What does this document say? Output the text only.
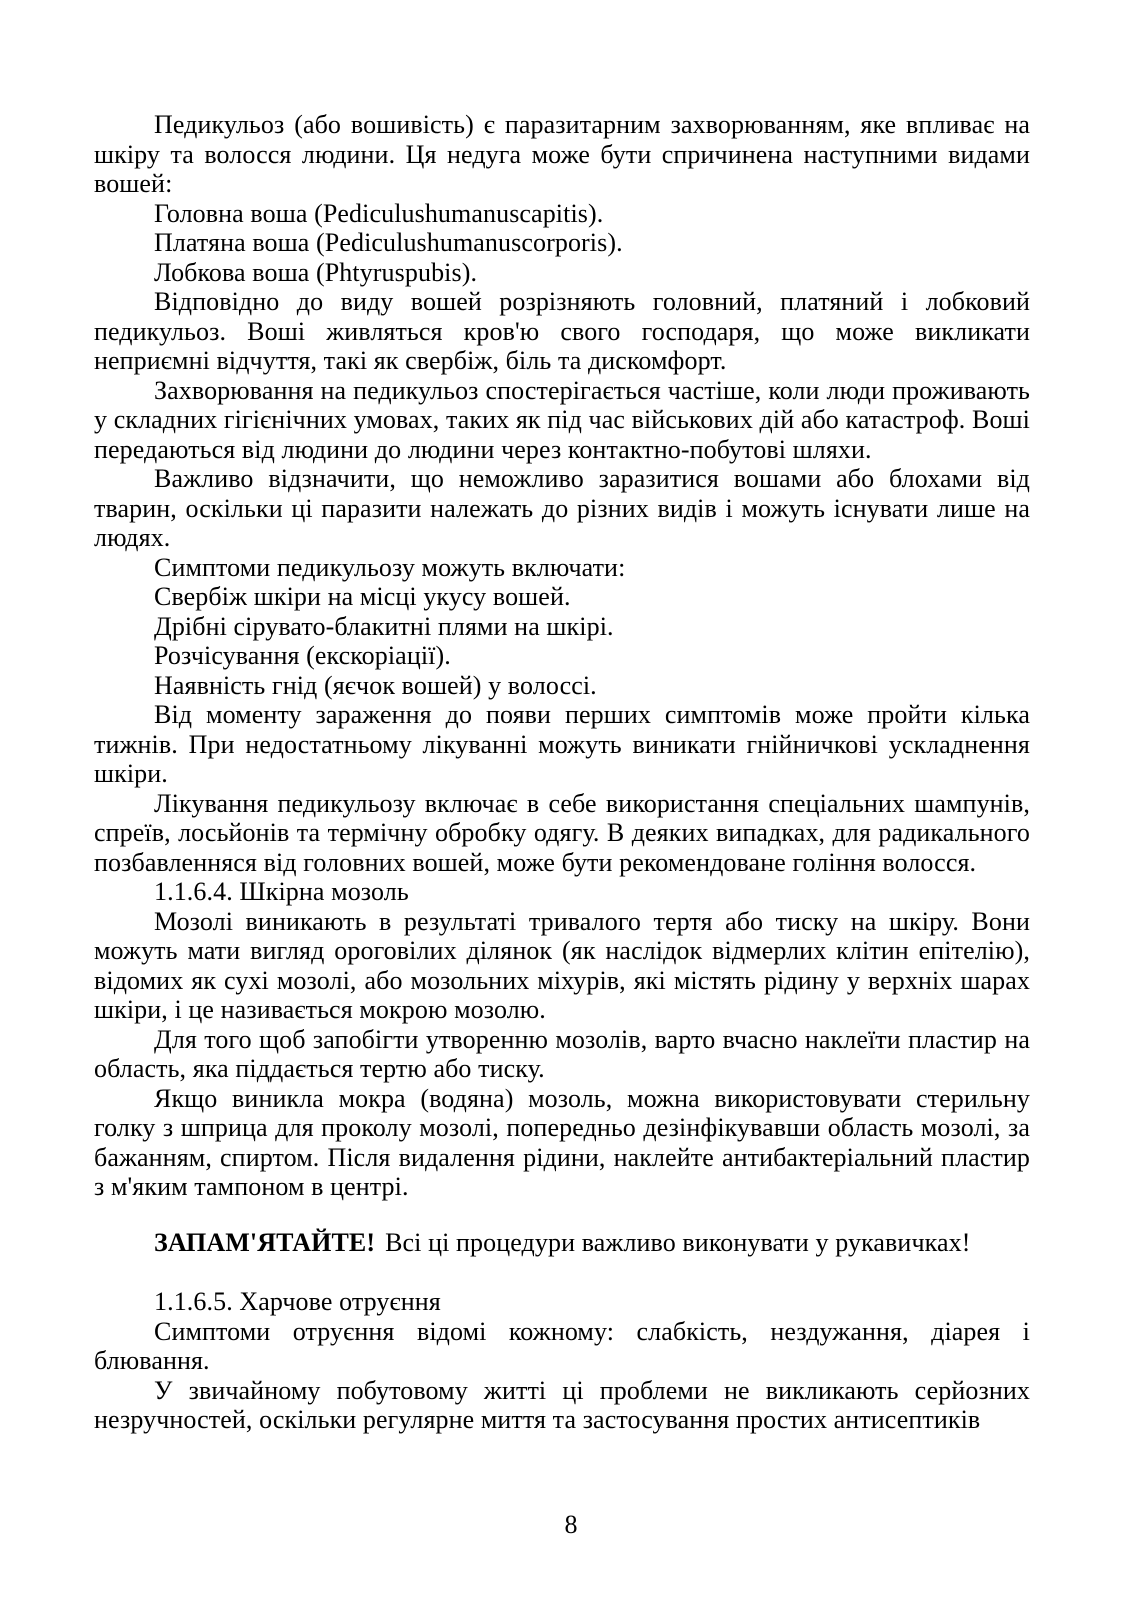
Педикульоз (або вошивість) є паразитарним захворюванням, яке впливає на шкіру та волосся людини. Ця недуга може бути спричинена наступними видами вошей:

Головна воша (Pediculushumanuscapitis).

Платяна воша (Pediculushumanuscorporis).

Лобкова воша (Phtyruspubis).

Відповідно до виду вошей розрізняють головний, платяний і лобковий педикульоз. Воші живляться кров'ю свого господаря, що може викликати неприємні відчуття, такі як свербіж, біль та дискомфорт.

Захворювання на педикульоз спостерігається частіше, коли люди проживають у складних гігієнічних умовах, таких як під час військових дій або катастроф. Воші передаються від людини до людини через контактно-побутові шляхи.

Важливо відзначити, що неможливо заразитися вошами або блохами від тварин, оскільки ці паразити належать до різних видів і можуть існувати лише на людях.

Симптоми педикульозу можуть включати:

Свербіж шкіри на місці укусу вошей.

Дрібні сірувато-блакитні плями на шкірі.

Розчісування (екскоріації).

Наявність гнід (яєчок вошей) у волоссі.

Від моменту зараження до появи перших симптомів може пройти кілька тижнів. При недостатньому лікуванні можуть виникати гнійничкові ускладнення шкіри.

Лікування педикульозу включає в себе використання спеціальних шампунів, спреїв, лосьйонів та термічну обробку одягу. В деяких випадках, для радикального позбавленняся від головних вошей, може бути рекомендоване гоління волосся.

1.1.6.4. Шкірна мозоль

Мозолі виникають в результаті тривалого тертя або тиску на шкіру. Вони можуть мати вигляд ороговілих ділянок (як наслідок відмерлих клітин епітелію), відомих як сухі мозолі, або мозольних міхурів, які містять рідину у верхніх шарах шкіри, і це називається мокрою мозолю.

Для того щоб запобігти утворенню мозолів, варто вчасно наклеїти пластир на область, яка піддається тертю або тиску.

Якщо виникла мокра (водяна) мозоль, можна використовувати стерильну голку з шприца для проколу мозолі, попередньо дезінфікувавши область мозолі, за бажанням, спиртом. Після видалення рідини, наклейте антибактеріальний пластир з м'яким тампоном в центрі.

ЗАПАМ'ЯТАЙТЕ! Всі ці процедури важливо виконувати у рукавичках!

1.1.6.5. Харчове отруєння

Симптоми отруєння відомі кожному: слабкість, нездужання, діарея і блювання.

У звичайному побутовому житті ці проблеми не викликають серйозних незручностей, оскільки регулярне миття та застосування простих антисептиків

8
